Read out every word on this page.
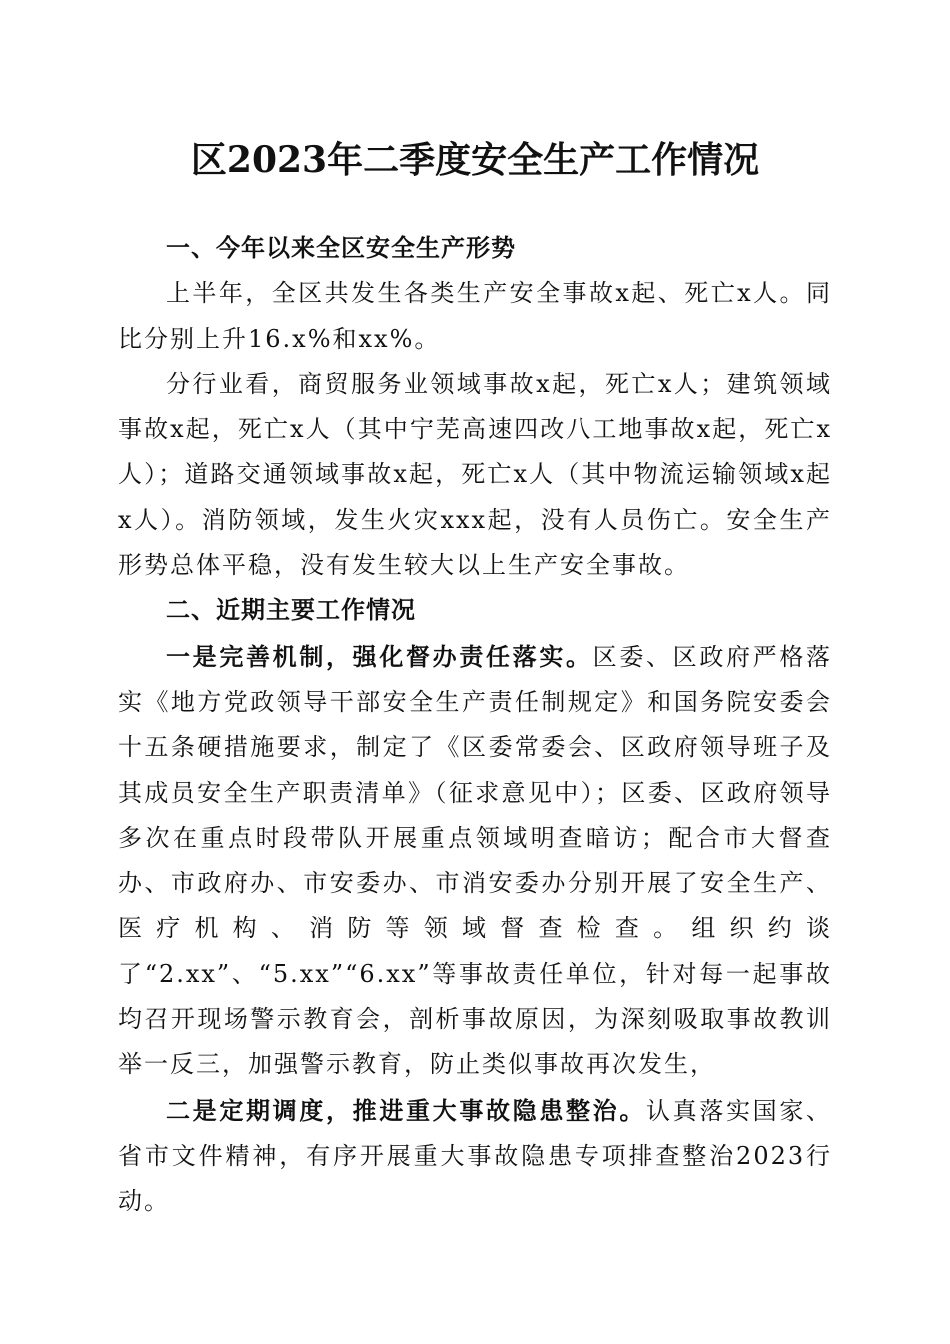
区2023年二季度安全生产工作情况

一、今年以来全区安全生产形势

上半年，全区共发生各类生产安全事故x起、死亡x人。同比分别上升16.x%和xx%。

分行业看，商贸服务业领域事故x起，死亡x人；建筑领域事故x起，死亡x人（其中宁芜高速四改八工地事故x起，死亡x人）；道路交通领域事故x起，死亡x人（其中物流运输领域x起x人）。消防领域，发生火灾xxx起，没有人员伤亡。安全生产形势总体平稳，没有发生较大以上生产安全事故。

二、近期主要工作情况

一是完善机制，强化督办责任落实。区委、区政府严格落实《地方党政领导干部安全生产责任制规定》和国务院安委会十五条硬措施要求，制定了《区委常委会、区政府领导班子及其成员安全生产职责清单》（征求意见中）；区委、区政府领导多次在重点时段带队开展重点领域明查暗访；配合市大督查办、市政府办、市安委办、市消安委办分别开展了安全生产、医疗机构、消防等领域督查检查。组织约谈了“2.xx”、“5.xx”“6.xx”等事故责任单位，针对每一起事故均召开现场警示教育会，剖析事故原因，为深刻吸取事故教训举一反三，加强警示教育，防止类似事故再次发生，

二是定期调度，推进重大事故隐患整治。认真落实国家、省市文件精神，有序开展重大事故隐患专项排查整治2023行动。
